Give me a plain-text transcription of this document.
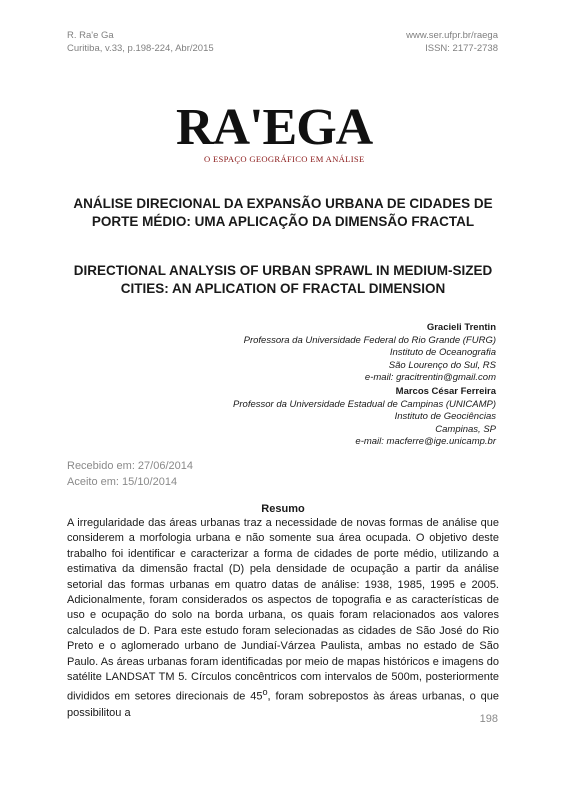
R. Ra'e Ga
Curitiba, v.33, p.198-224, Abr/2015
www.ser.ufpr.br/raega
ISSN: 2177-2738
RA'EGA
O ESPAÇO GEOGRÁFICO EM ANÁLISE
ANÁLISE DIRECIONAL DA EXPANSÃO URBANA DE CIDADES DE PORTE MÉDIO: UMA APLICAÇÃO DA DIMENSÃO FRACTAL
DIRECTIONAL ANALYSIS OF URBAN SPRAWL IN MEDIUM-SIZED CITIES: AN APLICATION OF FRACTAL DIMENSION
Gracieli Trentin
Professora da Universidade Federal do Rio Grande (FURG)
Instituto de Oceanografia
São Lourenço do Sul, RS
e-mail: gracitrentin@gmail.com
Marcos César Ferreira
Professor da Universidade Estadual de Campinas (UNICAMP)
Instituto de Geociências
Campinas, SP
e-mail: macferre@ige.unicamp.br
Recebido em: 27/06/2014
Aceito em: 15/10/2014
Resumo
A irregularidade das áreas urbanas traz a necessidade de novas formas de análise que considerem a morfologia urbana e não somente sua área ocupada. O objetivo deste trabalho foi identificar e caracterizar a forma de cidades de porte médio, utilizando a estimativa da dimensão fractal (D) pela densidade de ocupação a partir da análise setorial das formas urbanas em quatro datas de análise: 1938, 1985, 1995 e 2005. Adicionalmente, foram considerados os aspectos de topografia e as características de uso e ocupação do solo na borda urbana, os quais foram relacionados aos valores calculados de D. Para este estudo foram selecionadas as cidades de São José do Rio Preto e o aglomerado urbano de Jundiaí-Várzea Paulista, ambas no estado de São Paulo. As áreas urbanas foram identificadas por meio de mapas históricos e imagens do satélite LANDSAT TM 5. Círculos concêntricos com intervalos de 500m, posteriormente divididos em setores direcionais de 45$^o$, foram sobrepostos às áreas urbanas, o que possibilitou a
198
